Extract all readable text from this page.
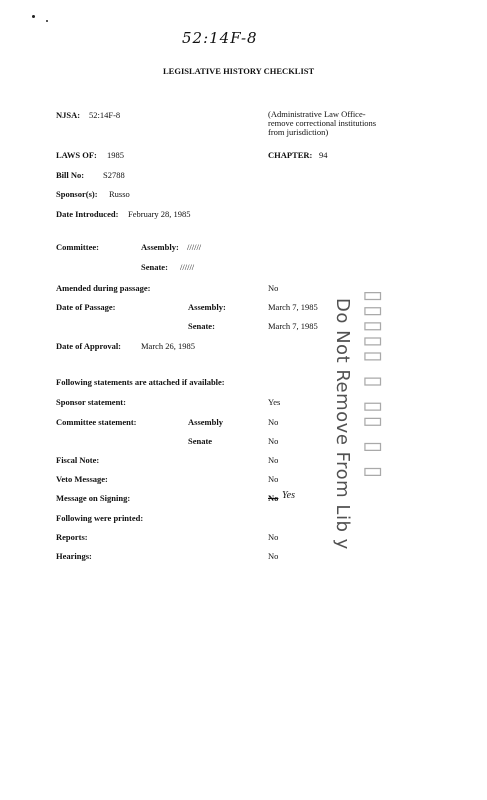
52:14F-8
LEGISLATIVE HISTORY CHECKLIST
NJSA: 52:14F-8	(Administrative Law Office-
remove correctional institutions
from jurisdiction)
LAWS OF: 1985	CHAPTER: 94
Bill No: S2788
Sponsor(s): Russo
Date Introduced: February 28, 1985
Committee:	Assembly: //////
Senate: //////
Amended during passage:	No
Date of Passage:	Assembly:	March 7, 1985
Senate:	March 7, 1985
Date of Approval: March 26, 1985
Following statements are attached if available:
Sponsor statement:	Yes
Committee statement:	Assembly	No
Senate	No
Fiscal Note:	No
Veto Message:	No
Message on Signing:	No Yes
Following were printed:
Reports:	No
Hearings:	No
Do Not Remove From Lib y ▯▯▯▯▯ ▯ ▯▯ ▯ ▯
